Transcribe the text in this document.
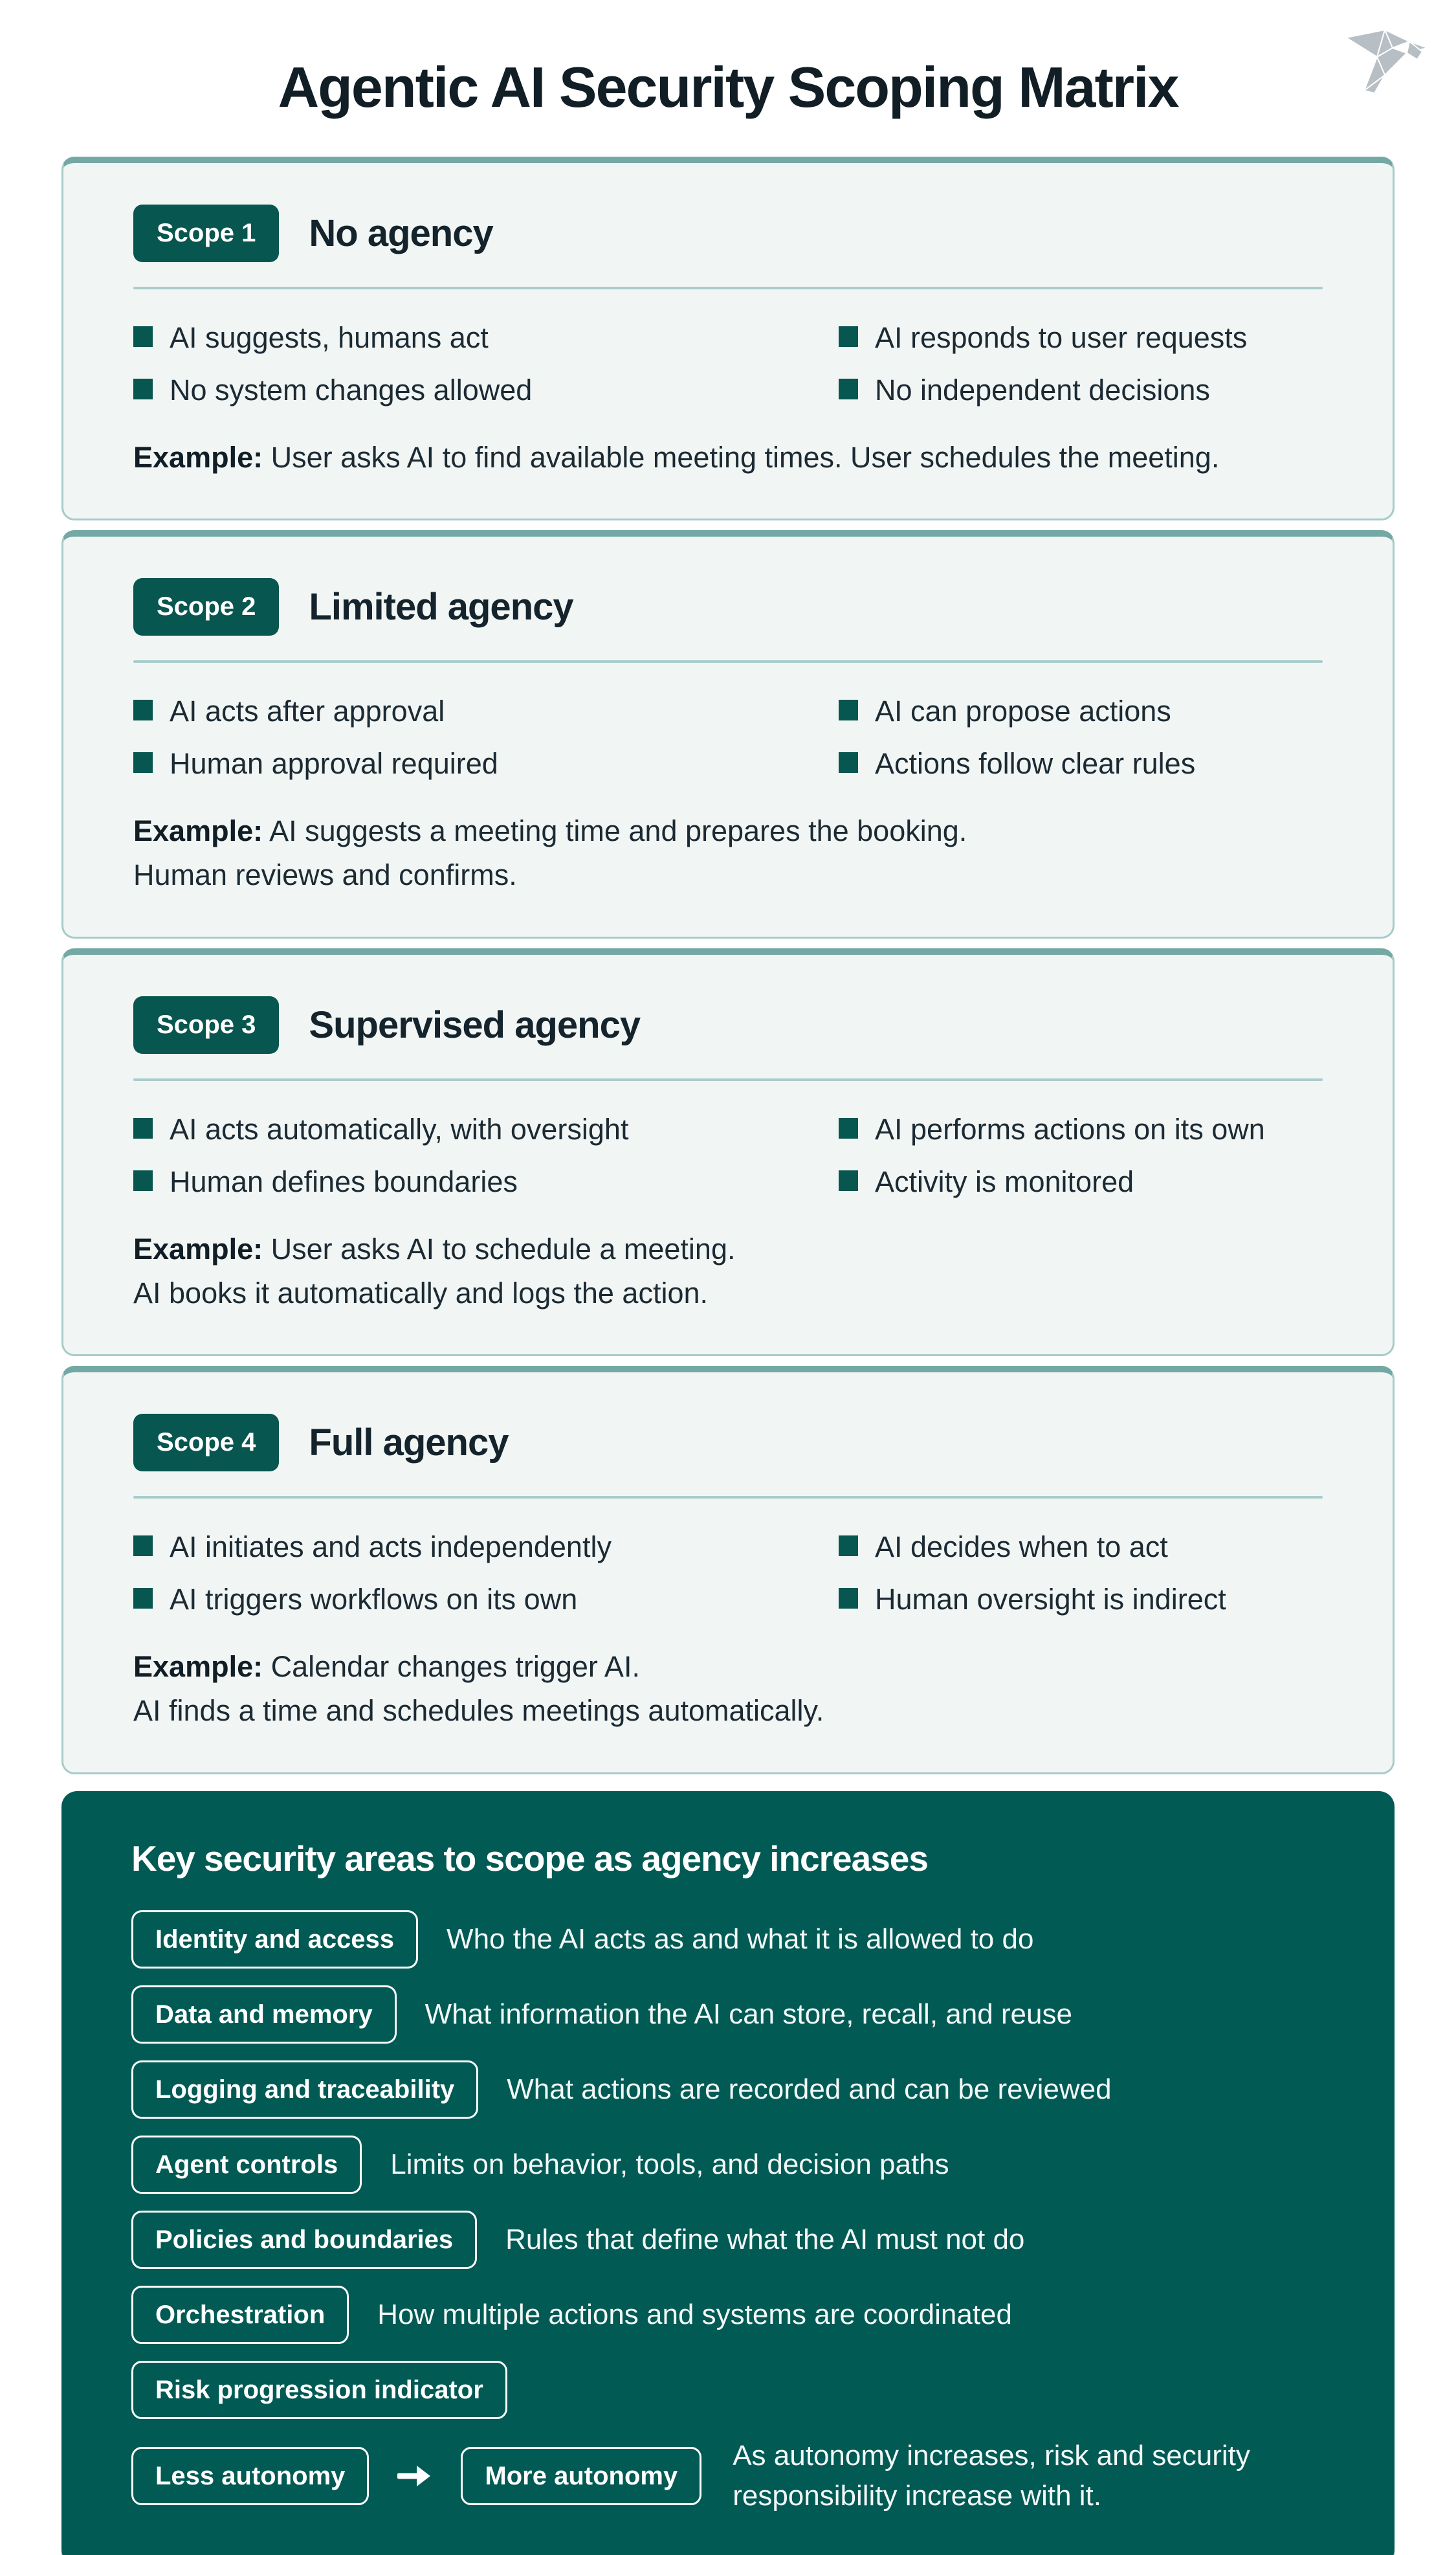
Agentic AI Security Scoping Matrix
Scope 1	No agency
AI suggests, humans act	AI responds to user requests
No system changes allowed	No independent decisions
Example: User asks AI to find available meeting times. User schedules the meeting.
Scope 2	Limited agency
AI acts after approval	AI can propose actions
Human approval required	Actions follow clear rules
Example: AI suggests a meeting time and prepares the booking.
Human reviews and confirms.
Scope 3	Supervised agency
AI acts automatically, with oversight	AI performs actions on its own
Human defines boundaries	Activity is monitored
Example: User asks AI to schedule a meeting.
AI books it automatically and logs the action.
Scope 4	Full agency
AI initiates and acts independently	AI decides when to act
AI triggers workflows on its own	Human oversight is indirect
Example: Calendar changes trigger AI.
AI finds a time and schedules meetings automatically.
Key security areas to scope as agency increases
Identity and access	Who the AI acts as and what it is allowed to do
Data and memory	What information the AI can store, recall, and reuse
Logging and traceability	What actions are recorded and can be reviewed
Agent controls	Limits on behavior, tools, and decision paths
Policies and boundaries	Rules that define what the AI must not do
Orchestration	How multiple actions and systems are coordinated
Risk progression indicator
Less autonomy	More autonomy
As autonomy increases, risk and security
responsibility increase with it.
